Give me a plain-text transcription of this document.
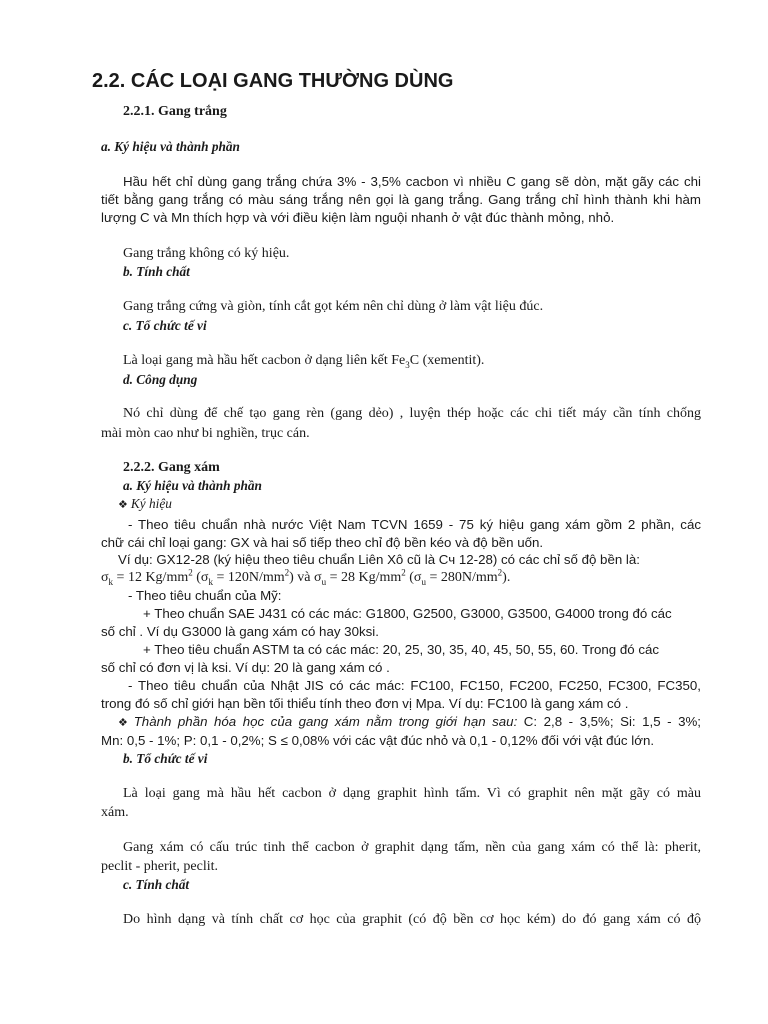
2.2. CÁC LOẠI GANG THƯỜNG DÙNG

2.2.1. Gang trắng

a. Ký hiệu và thành phần

Hầu hết chỉ dùng gang trắng chứa 3% - 3,5% cacbon vì nhiều C gang sẽ dòn, mặt gãy các chi

tiết bằng gang trắng có màu sáng trắng nên gọi là gang trắng. Gang trắng chỉ hình thành khi hàm

lượng C và Mn thích hợp và với điều kiện làm nguội nhanh ở vật đúc thành mỏng, nhỏ.

Gang trắng không có ký hiệu.

b. Tính chất

Gang trắng cứng và giòn, tính cắt gọt kém nên chỉ dùng ở làm vật liệu đúc.

c. Tổ chức tế vi

Là loại gang mà hầu hết cacbon ở dạng liên kết $Fe_3C$ (xementit).

d. Công dụng

Nó chỉ dùng để chế tạo gang rèn (gang dẻo) , luyện thép hoặc các chi tiết máy cần tính chống

mài mòn cao như bi nghiền, trục cán.

2.2.2. Gang xám

a. Ký hiệu và thành phần

❖ Ký hiệu

- Theo tiêu chuẩn nhà nước Việt Nam TCVN 1659 - 75 ký hiệu gang xám gồm 2 phần, các

chữ cái chỉ loại gang: GX và hai số tiếp theo chỉ độ bền kéo và độ bền uốn.

Ví dụ: GX12-28 (ký hiệu theo tiêu chuẩn Liên Xô cũ là Сч 12-28) có các chỉ số độ bền là:

$\sigma_k = 12$ $Kg/mm^2$ $(\sigma_k = 120N/mm^2)$ và $\sigma_u = 28$ $Kg/mm^2$ $(\sigma_u = 280N/mm^2)$.

- Theo tiêu chuẩn của Mỹ:

+ Theo chuẩn SAE J431 có các mác: G1800, G2500, G3000, G3500, G4000 trong đó các

số chỉ . Ví dụ G3000 là gang xám có hay 30ksi.

+ Theo tiêu chuẩn ASTM ta có các mác: 20, 25, 30, 35, 40, 45, 50, 55, 60. Trong đó các

số chỉ có đơn vị là ksi. Ví dụ: 20 là gang xám có .

- Theo tiêu chuẩn của Nhật JIS có các mác: FC100, FC150, FC200, FC250, FC300, FC350,

trong đó số chỉ giới hạn bền tối thiểu tính theo đơn vị Mpa. Ví dụ: FC100 là gang xám có .

❖ Thành phần hóa học của gang xám nằm trong giới hạn sau: C: 2,8 - 3,5%; Si: 1,5 - 3%;

Mn: 0,5 - 1%; P: 0,1 - 0,2%; S ≤ 0,08% với các vật đúc nhỏ và 0,1 - 0,12% đối với vật đúc lớn.

b. Tổ chức tế vi

Là loại gang mà hầu hết cacbon ở dạng graphit hình tấm. Vì có graphit nên mặt gãy có màu

xám.

Gang xám có cấu trúc tinh thể cacbon ở graphit dạng tấm, nền của gang xám có thể là: pherit,

peclit - pherit, peclit.

c. Tính chất

Do hình dạng và tính chất cơ học của graphit (có độ bền cơ học kém) do đó gang xám có độ
